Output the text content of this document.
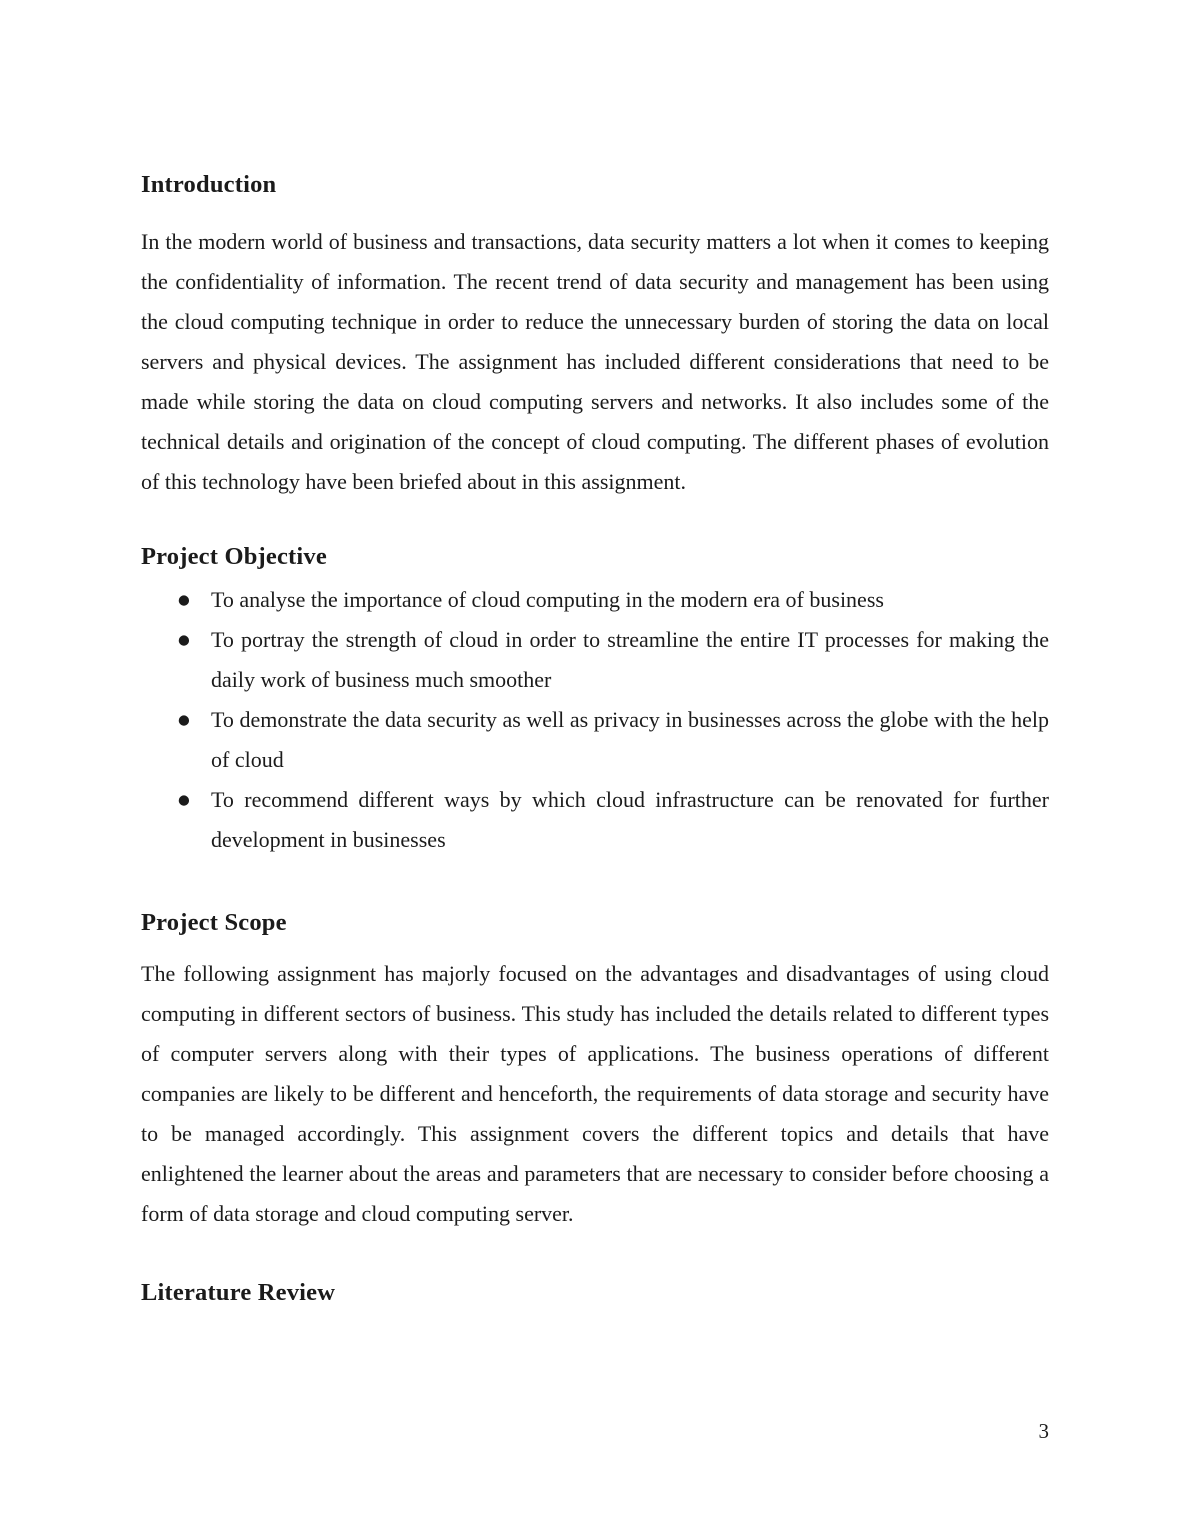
Introduction

In the modern world of business and transactions, data security matters a lot when it comes to keeping the confidentiality of information. The recent trend of data security and management has been using the cloud computing technique in order to reduce the unnecessary burden of storing the data on local servers and physical devices. The assignment has included different considerations that need to be made while storing the data on cloud computing servers and networks. It also includes some of the technical details and origination of the concept of cloud computing. The different phases of evolution of this technology have been briefed about in this assignment.

Project Objective
● To analyse the importance of cloud computing in the modern era of business
● To portray the strength of cloud in order to streamline the entire IT processes for making the daily work of business much smoother
● To demonstrate the data security as well as privacy in businesses across the globe with the help of cloud
● To recommend different ways by which cloud infrastructure can be renovated for further development in businesses
Project Scope

The following assignment has majorly focused on the advantages and disadvantages of using cloud computing in different sectors of business. This study has included the details related to different types of computer servers along with their types of applications. The business operations of different companies are likely to be different and henceforth, the requirements of data storage and security have to be managed accordingly. This assignment covers the different topics and details that have enlightened the learner about the areas and parameters that are necessary to consider before choosing a form of data storage and cloud computing server.

Literature Review
3
